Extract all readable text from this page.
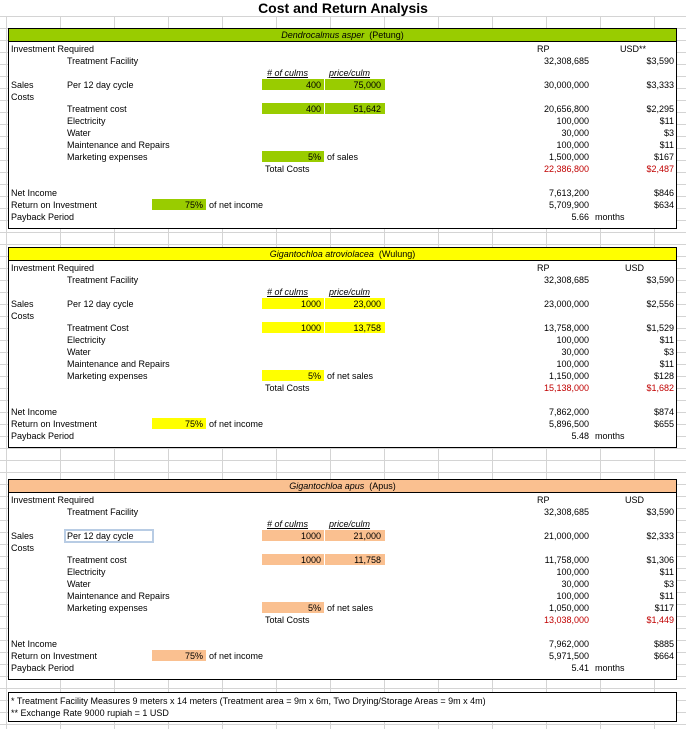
Cost and Return Analysis
Dendrocalmus asper (Petung)
Investment Required	RP	USD**
Treatment Facility	32,308,685	$3,590
# of culms price/culm
Sales	Per 12 day cycle	400	75,000	30,000,000	$3,333
Costs
Treatment cost	400	51,642	20,656,800	$2,295
Electricity	100,000	$11
Water	30,000	$3
Maintenance and Repairs	100,000	$11
Marketing expenses	5% of sales	1,500,000	$167
Total Costs	22,386,800	$2,487
Net Income	7,613,200	$846
Return on Investment	75% of net income	5,709,900	$634
Payback Period	5.66 months
Gigantochloa atroviolacea (Wulung)
Investment Required	RP	USD
Treatment Facility	32,308,685	$3,590
# of culms price/culm
Sales	Per 12 day cycle	1000	23,000	23,000,000	$2,556
Costs
Treatment Cost	1000	13,758	13,758,000	$1,529
Electricity	100,000	$11
Water	30,000	$3
Maintenance and Repairs	100,000	$11
Marketing expenses	5% of net sales	1,150,000	$128
Total Costs	15,138,000	$1,682
Net Income	7,862,000	$874
Return on Investment	75% of net income	5,896,500	$655
Payback Period	5.48 months
Gigantochloa apus (Apus)
Investment Required	RP	USD
Treatment Facility	32,308,685	$3,590
# of culms price/culm
Sales	Per 12 day cycle	1000	21,000	21,000,000	$2,333
Costs
Treatment cost	1000	11,758	11,758,000	$1,306
Electricity	100,000	$11
Water	30,000	$3
Maintenance and Repairs	100,000	$11
Marketing expenses	5% of net sales	1,050,000	$117
Total Costs	13,038,000	$1,449
Net Income	7,962,000	$885
Return on Investment	75% of net income	5,971,500	$664
Payback Period	5.41 months
* Treatment Facility Measures 9 meters x 14 meters (Treatment area = 9m x 6m, Two Drying/Storage Areas = 9m x 4m)
** Exchange Rate 9000 rupiah = 1 USD
